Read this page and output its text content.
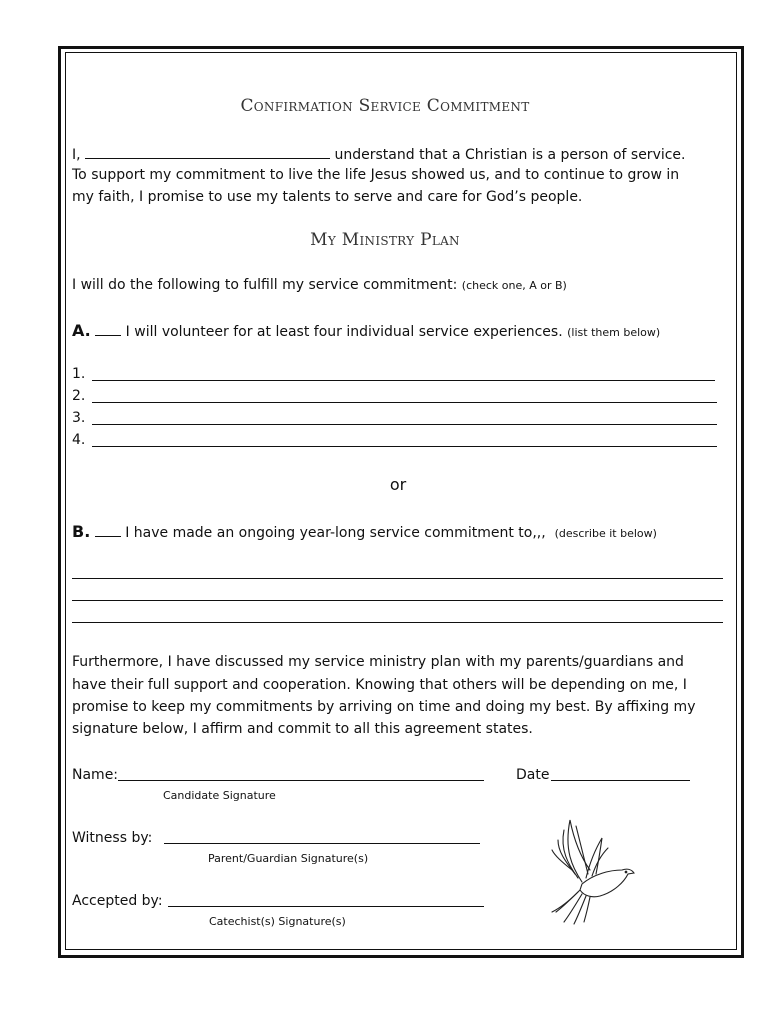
Confirmation Service Commitment
I,	understand that a Christian is a person of service.
To support my commitment to live the life Jesus showed us, and to continue to grow in
my faith, I promise to use my talents to serve and care for God’s people.
My Ministry Plan
I will do the following to fulfill my service commitment: (check one, A or B)
A. I will volunteer for at least four individual service experiences. (list them below)
1.
2.
3.
4.
or
B. I have made an ongoing year-long service commitment to,,, (describe it below)
Furthermore, I have discussed my service ministry plan with my parents/guardians and
have their full support and cooperation. Knowing that others will be depending on me, I
promise to keep my commitments by arriving on time and doing my best. By affixing my
signature below, I affirm and commit to all this agreement states.
Name:
Candidate Signature
Date
Witness by:
Parent/Guardian Signature(s)
Accepted by:
Catechist(s) Signature(s)
